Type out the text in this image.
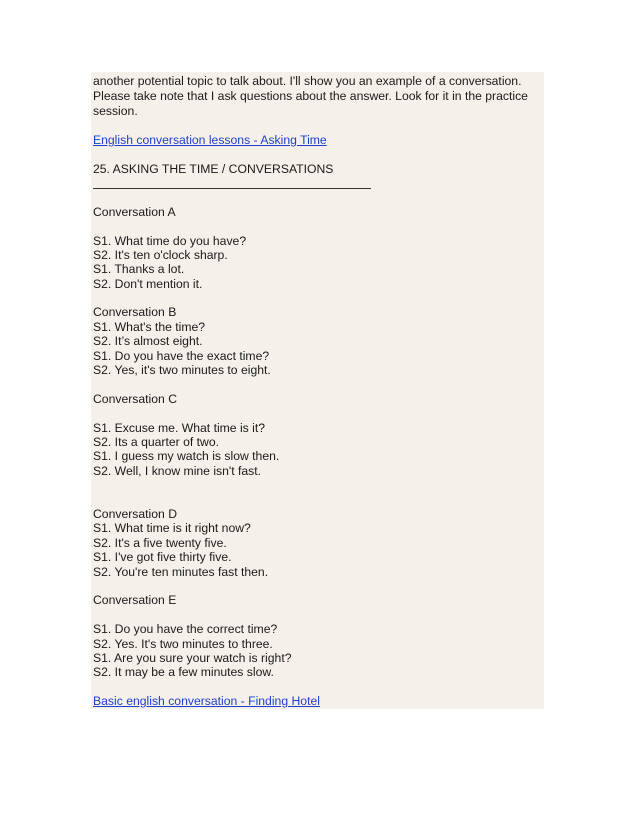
another potential topic to talk about. I'll show you an example of a conversation.
Please take note that I ask questions about the answer. Look for it in the practice
session.
English conversation lessons - Asking Time
25. ASKING THE TIME / CONVERSATIONS
Conversation A
S1. What time do you have?
S2. It's ten o'clock sharp.
S1. Thanks a lot.
S2. Don't mention it.
Conversation B
S1. What's the time?
S2. It’s almost eight.
S1. Do you have the exact time?
S2. Yes, it's two minutes to eight.
Conversation C
S1. Excuse me. What time is it?
S2. Its a quarter of two.
S1. I guess my watch is slow then.
S2. Well, I know mine isn't fast.
Conversation D
S1. What time is it right now?
S2. It's a five twenty five.
S1. I've got five thirty five.
S2. You're ten minutes fast then.
Conversation E
S1. Do you have the correct time?
S2. Yes. It's two minutes to three.
S1. Are you sure your watch is right?
S2. It may be a few minutes slow.
Basic english conversation - Finding Hotel
